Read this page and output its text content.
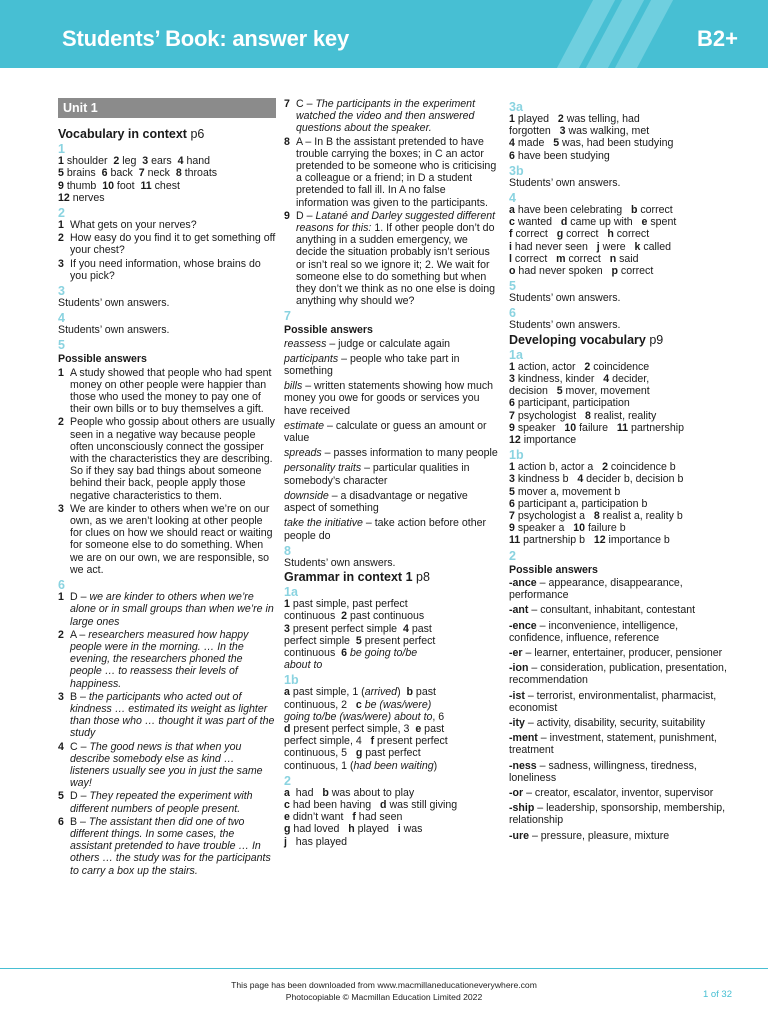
Students’ Book: answer key	B2+
Unit 1
Vocabulary in context p6
1
1 shoulder  2 leg  3 ears  4 hand
5 brains  6 back  7 neck  8 throats
9 thumb  10 foot  11 chest
12 nerves
2
1 What gets on your nerves?
2 How easy do you find it to get something off your chest?
3 If you need information, whose brains do you pick?
3
Students’ own answers.
4
Students’ own answers.
5
Possible answers
1 A study showed that people who had spent money on other people were happier than those who used the money to pay one of their own bills or to buy themselves a gift.
2 People who gossip about others are usually seen in a negative way because people often unconsciously connect the gossiper with the characteristics they are describing. So if they say bad things about someone behind their back, people apply those negative characteristics to them.
3 We are kinder to others when we’re on our own, as we aren’t looking at other people for clues on how we should react or waiting for someone else to do something. When we are on our own, we are responsible, so we act.
6
1 D – we are kinder to others when we’re alone or in small groups than when we’re in large ones
2 A – researchers measured how happy people were in the morning. … In the evening, the researchers phoned the people … to reassess their levels of happiness.
3 B – the participants who acted out of kindness … estimated its weight as lighter than those who … thought it was part of the study
4 C – The good news is that when you describe somebody else as kind … listeners usually see you in just the same way!
5 D – They repeated the experiment with different numbers of people present.
6 B – The assistant then did one of two different things. In some cases, the assistant pretended to have trouble … In others … the study was for the participants to carry a box up the stairs.
7 C – The participants in the experiment watched the video and then answered questions about the speaker.
8 A – In B the assistant pretended to have trouble carrying the boxes; in C an actor pretended to be someone who is criticising a colleague or a friend; in D a student pretended to fall ill. In A no false information was given to the participants.
9 D – Latané and Darley suggested different reasons for this: 1. If other people don’t do anything in a sudden emergency, we decide the situation probably isn’t serious or isn’t real so we ignore it; 2. We wait for someone else to do something but when they don’t we think as no one else is doing anything why should we?
7
Possible answers
reassess – judge or calculate again
participants – people who take part in something
bills – written statements showing how much money you owe for goods or services you have received
estimate – calculate or guess an amount or value
spreads – passes information to many people
personality traits – particular qualities in somebody’s character
downside – a disadvantage or negative aspect of something
take the initiative – take action before other people do
8
Students’ own answers.
Grammar in context 1 p8
1a
1 past simple, past perfect
continuous  2 past continuous
3 present perfect simple  4 past
perfect simple  5 present perfect
continuous  6 be going to/be
about to
1b
a past simple, 1 (arrived)  b past
continuous, 2   c be (was/were)
going to/be (was/were) about to, 6
d present perfect simple, 3  e past
perfect simple, 4   f present perfect
continuous, 5   g past perfect
continuous, 1 (had been waiting)
2
a  had   b was about to play
c had been having   d was still giving
e didn’t want   f had seen
g had loved   h played   i was
j   has played
3a
1 played   2 was telling, had
forgotten   3 was walking, met
4 made   5 was, had been studying
6 have been studying
3b
Students’ own answers.
4
a have been celebrating   b correct
c wanted   d came up with   e spent
f correct   g correct   h correct
i had never seen   j were   k called
l correct   m correct   n said
o had never spoken   p correct
5
Students’ own answers.
6
Students’ own answers.
Developing vocabulary p9
1a
1 action, actor   2 coincidence
3 kindness, kinder   4 decider,
decision   5 mover, movement
6 participant, participation
7 psychologist   8 realist, reality
9 speaker   10 failure   11 partnership
12 importance
1b
1 action b, actor a   2 coincidence b
3 kindness b   4 decider b, decision b
5 mover a, movement b
6 participant a, participation b
7 psychologist a   8 realist a, reality b
9 speaker a   10 failure b
11 partnership b   12 importance b
2
Possible answers
-ance – appearance, disappearance, performance
-ant – consultant, inhabitant, contestant
-ence – inconvenience, intelligence, confidence, influence, reference
-er – learner, entertainer, producer, pensioner
-ion – consideration, publication, presentation, recommendation
-ist – terrorist, environmentalist, pharmacist, economist
-ity – activity, disability, security, suitability
-ment – investment, statement, punishment, treatment
-ness – sadness, willingness, tiredness, loneliness
-or – creator, escalator, inventor, supervisor
-ship – leadership, sponsorship, membership, relationship
-ure – pressure, pleasure, mixture
This page has been downloaded from www.macmillaneducationeverywhere.com
Photocopiable © Macmillan Education Limited 2022	1 of 32
